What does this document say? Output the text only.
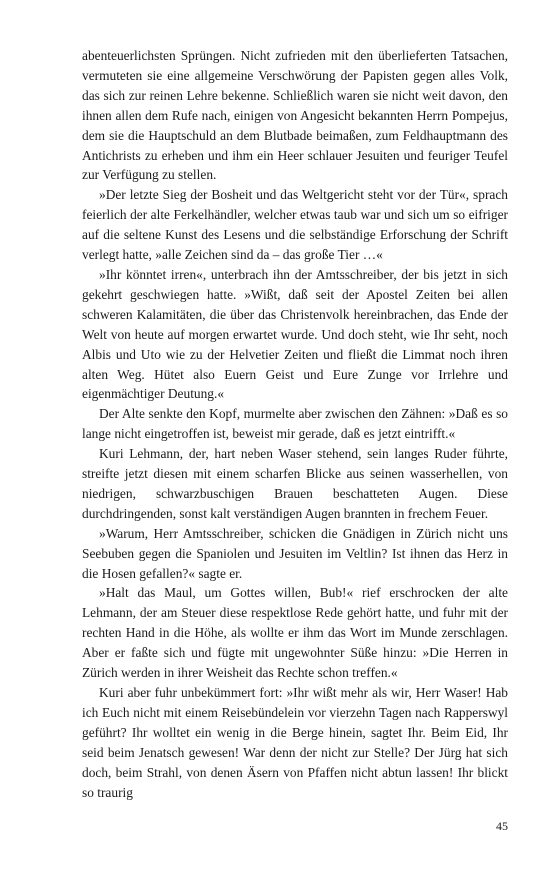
abenteuerlichsten Sprüngen. Nicht zufrieden mit den überlieferten Tatsachen, vermuteten sie eine allgemeine Verschwörung der Papisten gegen alles Volk, das sich zur reinen Lehre bekenne. Schließlich waren sie nicht weit davon, den ihnen allen dem Rufe nach, einigen von Angesicht bekannten Herrn Pompejus, dem sie die Hauptschuld an dem Blutbade beimaßen, zum Feldhauptmann des Antichrists zu erheben und ihm ein Heer schlauer Jesuiten und feuriger Teufel zur Verfügung zu stellen.

»Der letzte Sieg der Bosheit und das Weltgericht steht vor der Tür«, sprach feierlich der alte Ferkelhändler, welcher etwas taub war und sich um so eifriger auf die seltene Kunst des Lesens und die selbständige Erforschung der Schrift verlegt hatte, »alle Zeichen sind da – das große Tier …«

»Ihr könntet irren«, unterbrach ihn der Amtsschreiber, der bis jetzt in sich gekehrt geschwiegen hatte. »Wißt, daß seit der Apostel Zeiten bei allen schweren Kalamitäten, die über das Christenvolk hereinbrachen, das Ende der Welt von heute auf morgen erwartet wurde. Und doch steht, wie Ihr seht, noch Albis und Uto wie zu der Helvetier Zeiten und fließt die Limmat noch ihren alten Weg. Hütet also Euern Geist und Eure Zunge vor Irrlehre und eigenmächtiger Deutung.«

Der Alte senkte den Kopf, murmelte aber zwischen den Zähnen: »Daß es so lange nicht eingetroffen ist, beweist mir gerade, daß es jetzt eintrifft.«

Kuri Lehmann, der, hart neben Waser stehend, sein langes Ruder führte, streifte jetzt diesen mit einem scharfen Blicke aus seinen wasserhellen, von niedrigen, schwarzbuschigen Brauen beschatteten Augen. Diese durchdringenden, sonst kalt verständigen Augen brannten in frechem Feuer.

»Warum, Herr Amtsschreiber, schicken die Gnädigen in Zürich nicht uns Seebuben gegen die Spaniolen und Jesuiten im Veltlin? Ist ihnen das Herz in die Hosen gefallen?« sagte er.

»Halt das Maul, um Gottes willen, Bub!« rief erschrocken der alte Lehmann, der am Steuer diese respektlose Rede gehört hatte, und fuhr mit der rechten Hand in die Höhe, als wollte er ihm das Wort im Munde zerschlagen. Aber er faßte sich und fügte mit ungewohnter Süße hinzu: »Die Herren in Zürich werden in ihrer Weisheit das Rechte schon treffen.«

Kuri aber fuhr unbekümmert fort: »Ihr wißt mehr als wir, Herr Waser! Hab ich Euch nicht mit einem Reisebündelein vor vierzehn Tagen nach Rapperswyl geführt? Ihr wolltet ein wenig in die Berge hinein, sagtet Ihr. Beim Eid, Ihr seid beim Jenatsch gewesen! War denn der nicht zur Stelle? Der Jürg hat sich doch, beim Strahl, von denen Äsern von Pfaffen nicht abtun lassen! Ihr blickt so traurig

45
